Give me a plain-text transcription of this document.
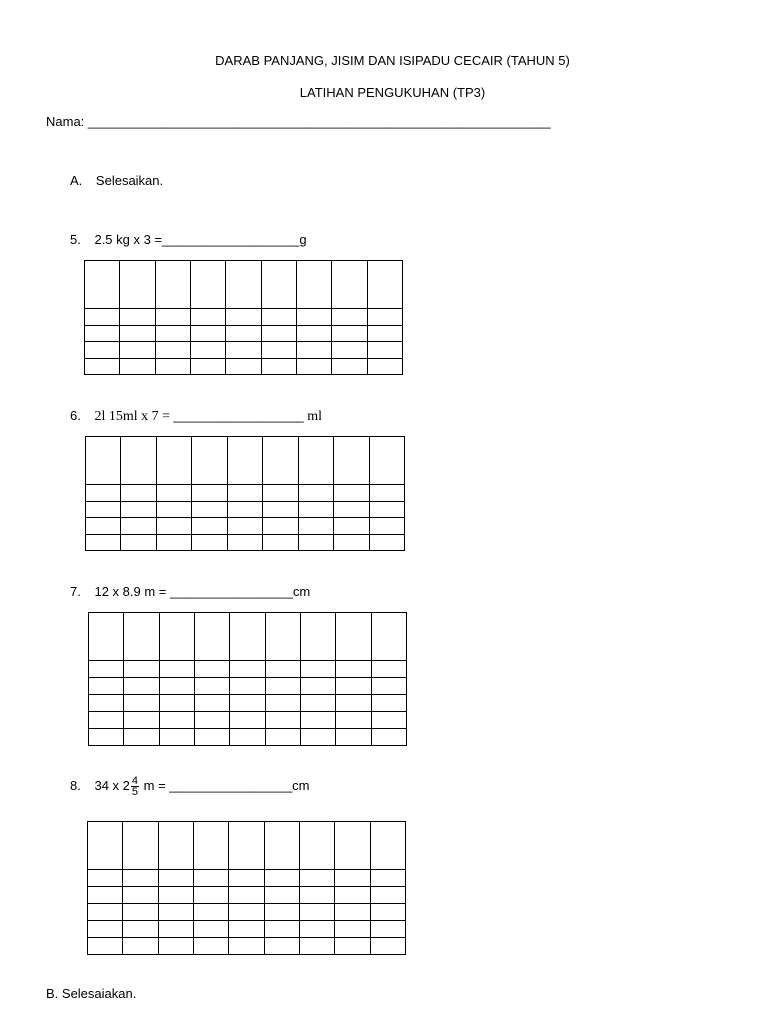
DARAB PANJANG, JISIM DAN ISIPADU CECAIR (TAHUN 5)
LATIHAN PENGUKUHAN (TP3)
Nama: ________________________________________________________________
A. Selesaikan.
5. 2.5 kg x 3 =___________________g

6. 2l 15ml x 7 = __________________ ml

7. 12 x 8.9 m = _________________cm

8. 34 x $2 \frac{4}{5}$ m = _________________cm

B. Selesaiakan.
